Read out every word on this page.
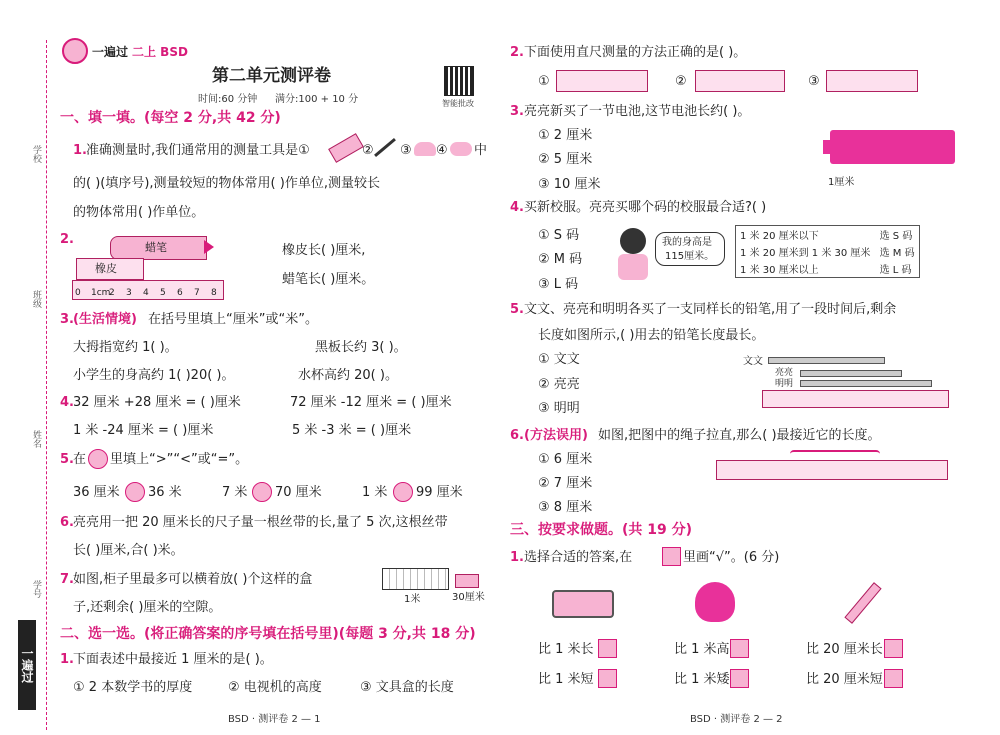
学校
班级
姓名
学号
一遍过
一遍过 二上 BSD
第二单元测评卷
时间:60 分钟 满分:100 + 10 分	智能批改
一、填一填。(每空 2 分,共 42 分)
1. 准确测量时,我们通常用的测量工具是①	② ③ ④ 中
的( )(填序号),测量较短的物体常用( )作单位,测量较长
的物体常用( )作单位。
2.
蜡笔
橡皮
0 1cm
2 3 4 5 6 7 8
橡皮长( )厘米,
蜡笔长( )厘米。
3. (生活情境) 在括号里填上“厘米”或“米”。
大拇指宽约 1( )。	黑板长约 3( )。
小学生的身高约 1( )20( )。	水杯高约 20( )。
4. 32 厘米 +28 厘米 = ( )厘米	72 厘米 -12 厘米 = ( )厘米
1 米 -24 厘米 = ( )厘米	5 米 -3 米 = ( )厘米
5. 在 里填上“>”“<”或“=”。
36 厘米 36 米	7 米 70 厘米	1 米 99 厘米
6. 亮亮用一把 20 厘米长的尺子量一根丝带的长,量了 5 次,这根丝带
长( )厘米,合( )米。
7. 如图,柜子里最多可以横着放( )个这样的盒
子,还剩余( )厘米的空隙。
1米	30厘米
二、选一选。(将正确答案的序号填在括号里)(每题 3 分,共 18 分)
1. 下面表述中最接近 1 厘米的是( )。
① 2 本数学书的厚度	② 电视机的高度	③ 文具盒的长度
BSD · 测评卷 2 — 1
2. 下面使用直尺测量的方法正确的是( )。
①	②	③
3. 亮亮新买了一节电池,这节电池长约( )。
① 2 厘米
② 5 厘米
③ 10 厘米	1厘米
4. 买新校服。亮亮买哪个码的校服最合适?( )
① S 码
② M 码
③ L 码
我的身高是
115厘米。
1 米 20 厘米以下	选 S 码
1 米 20 厘米到 1 米 30 厘米	选 M 码
1 米 30 厘米以上	选 L 码
5. 文文、亮亮和明明各买了一支同样长的铅笔,用了一段时间后,剩余
长度如图所示,( )用去的铅笔长度最长。
① 文文
② 亮亮
③ 明明
文文
亮亮
明明
6. (方法误用) 如图,把图中的绳子拉直,那么( )最接近它的长度。
① 6 厘米
② 7 厘米
③ 8 厘米
三、按要求做题。(共 19 分)
1. 选择合适的答案,在	里画“√”。(6 分)
比 1 米长
比 1 米短
比 1 米高
比 1 米矮
比 20 厘米长
比 20 厘米短
BSD · 测评卷 2 — 2
